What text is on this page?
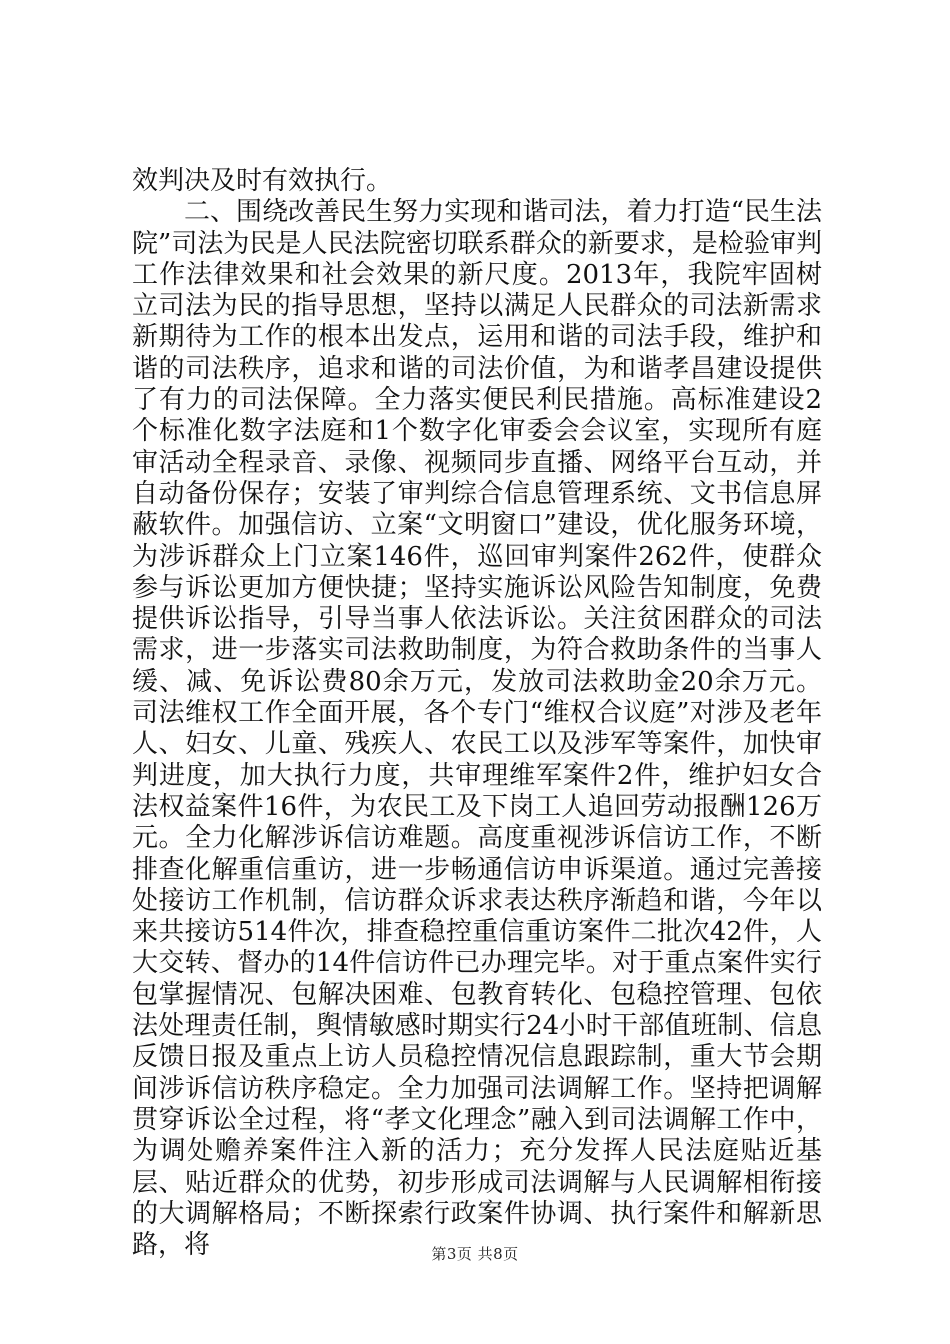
效判决及时有效执行。

二、围绕改善民生努力实现和谐司法，着力打造“民生法院”司法为民是人民法院密切联系群众的新要求，是检验审判工作法律效果和社会效果的新尺度。2013年，我院牢固树立司法为民的指导思想，坚持以满足人民群众的司法新需求新期待为工作的根本出发点，运用和谐的司法手段，维护和谐的司法秩序，追求和谐的司法价值，为和谐孝昌建设提供了有力的司法保障。全力落实便民利民措施。高标准建设2个标准化数字法庭和1个数字化审委会会议室，实现所有庭审活动全程录音、录像、视频同步直播、网络平台互动，并自动备份保存；安装了审判综合信息管理系统、文书信息屏蔽软件。加强信访、立案“文明窗口”建设，优化服务环境，为涉诉群众上门立案146件，巡回审判案件262件，使群众参与诉讼更加方便快捷；坚持实施诉讼风险告知制度，免费提供诉讼指导，引导当事人依法诉讼。关注贫困群众的司法需求，进一步落实司法救助制度，为符合救助条件的当事人缓、减、免诉讼费80余万元，发放司法救助金20余万元。司法维权工作全面开展，各个专门“维权合议庭”对涉及老年人、妇女、儿童、残疾人、农民工以及涉军等案件，加快审判进度，加大执行力度，共审理维军案件2件，维护妇女合法权益案件16件，为农民工及下岗工人追回劳动报酬126万元。全力化解涉诉信访难题。高度重视涉诉信访工作，不断排查化解重信重访，进一步畅通信访申诉渠道。通过完善接处接访工作机制，信访群众诉求表达秩序渐趋和谐，今年以来共接访514件次，排查稳控重信重访案件二批次42件，人大交转、督办的14件信访件已办理完毕。对于重点案件实行包掌握情况、包解决困难、包教育转化、包稳控管理、包依法处理责任制，舆情敏感时期实行24小时干部值班制、信息反馈日报及重点上访人员稳控情况信息跟踪制，重大节会期间涉诉信访秩序稳定。全力加强司法调解工作。坚持把调解贯穿诉讼全过程，将“孝文化理念”融入到司法调解工作中，为调处赡养案件注入新的活力；充分发挥人民法庭贴近基层、贴近群众的优势，初步形成司法调解与人民调解相衔接的大调解格局；不断探索行政案件协调、执行案件和解新思路，将	第3页 共8页
